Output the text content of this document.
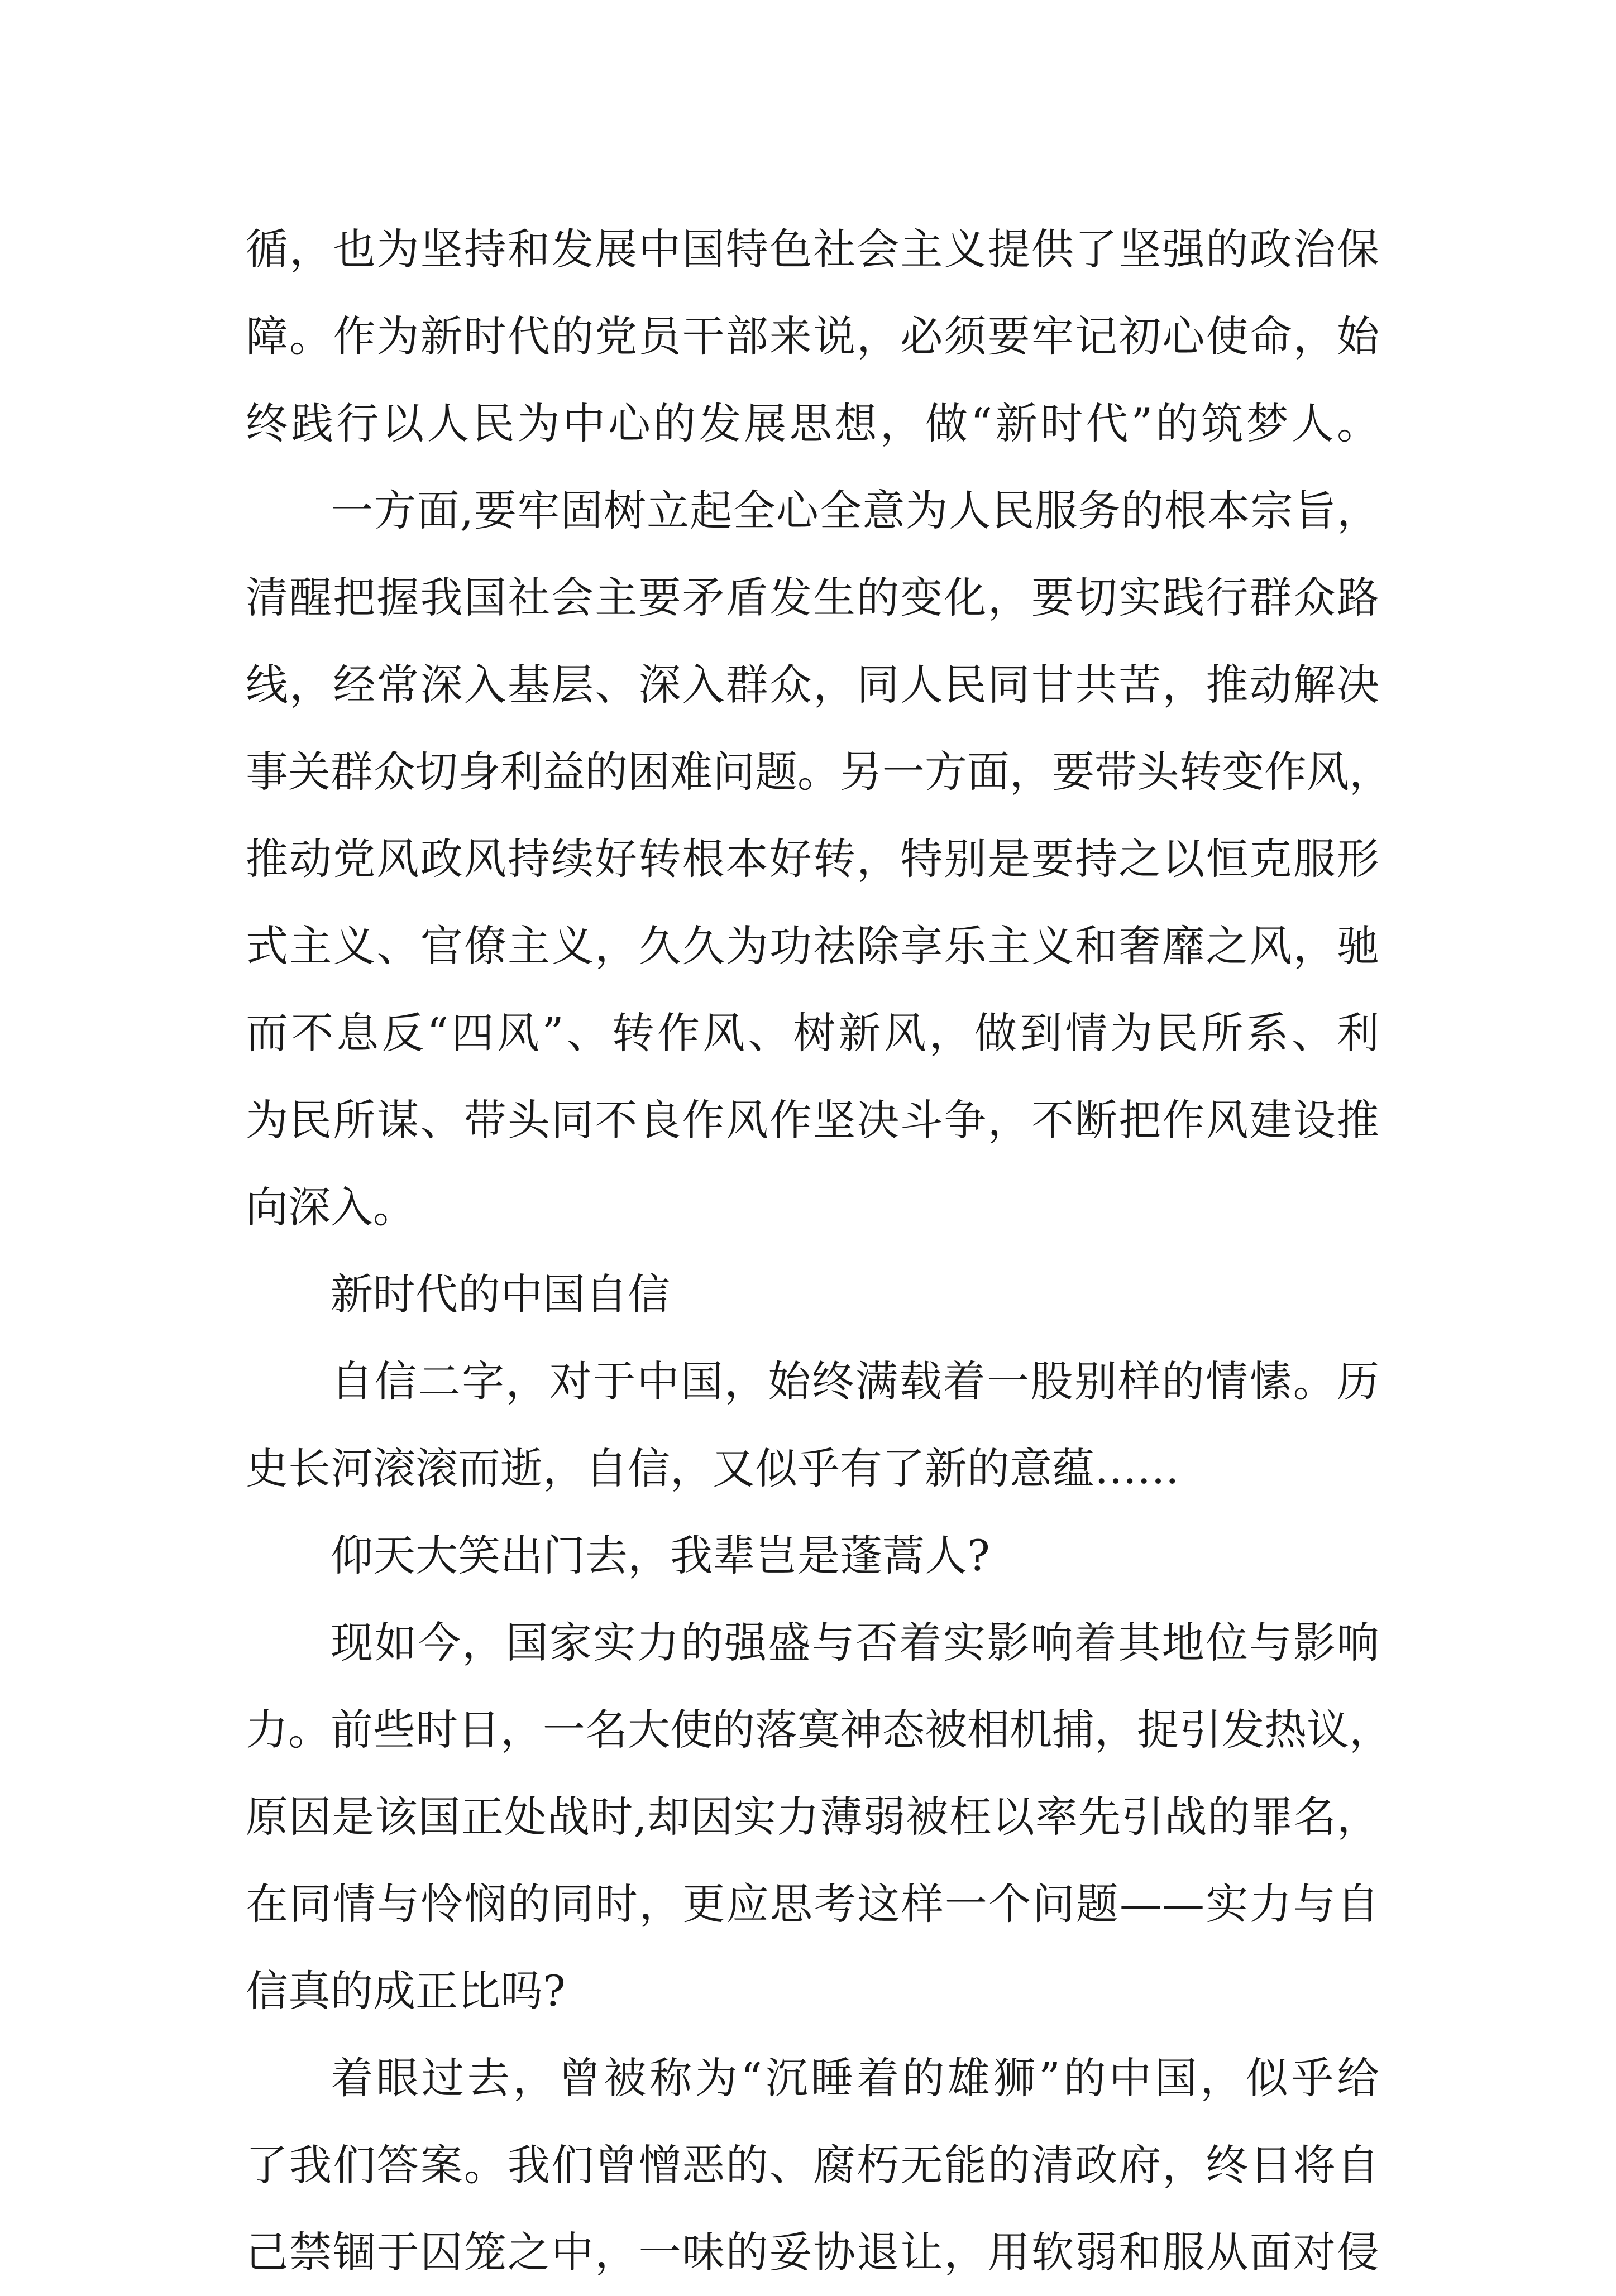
循，也为坚持和发展中国特色社会主义提供了坚强的政治保
障。作为新时代的党员干部来说，必须要牢记初心使命，始
终践行以人民为中心的发展思想，做“新时代”的筑梦人。
一方面,要牢固树立起全心全意为人民服务的根本宗旨，
清醒把握我国社会主要矛盾发生的变化，要切实践行群众路
线，经常深入基层、深入群众，同人民同甘共苦，推动解决
事关群众切身利益的困难问题。另一方面，要带头转变作风，
推动党风政风持续好转根本好转，特别是要持之以恒克服形
式主义、官僚主义，久久为功祛除享乐主义和奢靡之风，驰
而不息反“四风”、转作风、树新风，做到情为民所系、利
为民所谋、带头同不良作风作坚决斗争，不断把作风建设推
向深入。
新时代的中国自信
自信二字，对于中国，始终满载着一股别样的情愫。历
史长河滚滚而逝，自信，又似乎有了新的意蕴……
仰天大笑出门去，我辈岂是蓬蒿人?
现如今，国家实力的强盛与否着实影响着其地位与影响
力。前些时日，一名大使的落寞神态被相机捕，捉引发热议，
原因是该国正处战时,却因实力薄弱被枉以率先引战的罪名，
在同情与怜悯的同时，更应思考这样一个问题——实力与自
信真的成正比吗?
着眼过去，曾被称为“沉睡着的雄狮”的中国，似乎给
了我们答案。我们曾憎恶的、腐朽无能的清政府，终日将自
己禁锢于囚笼之中，一味的妥协退让，用软弱和服从面对侵
